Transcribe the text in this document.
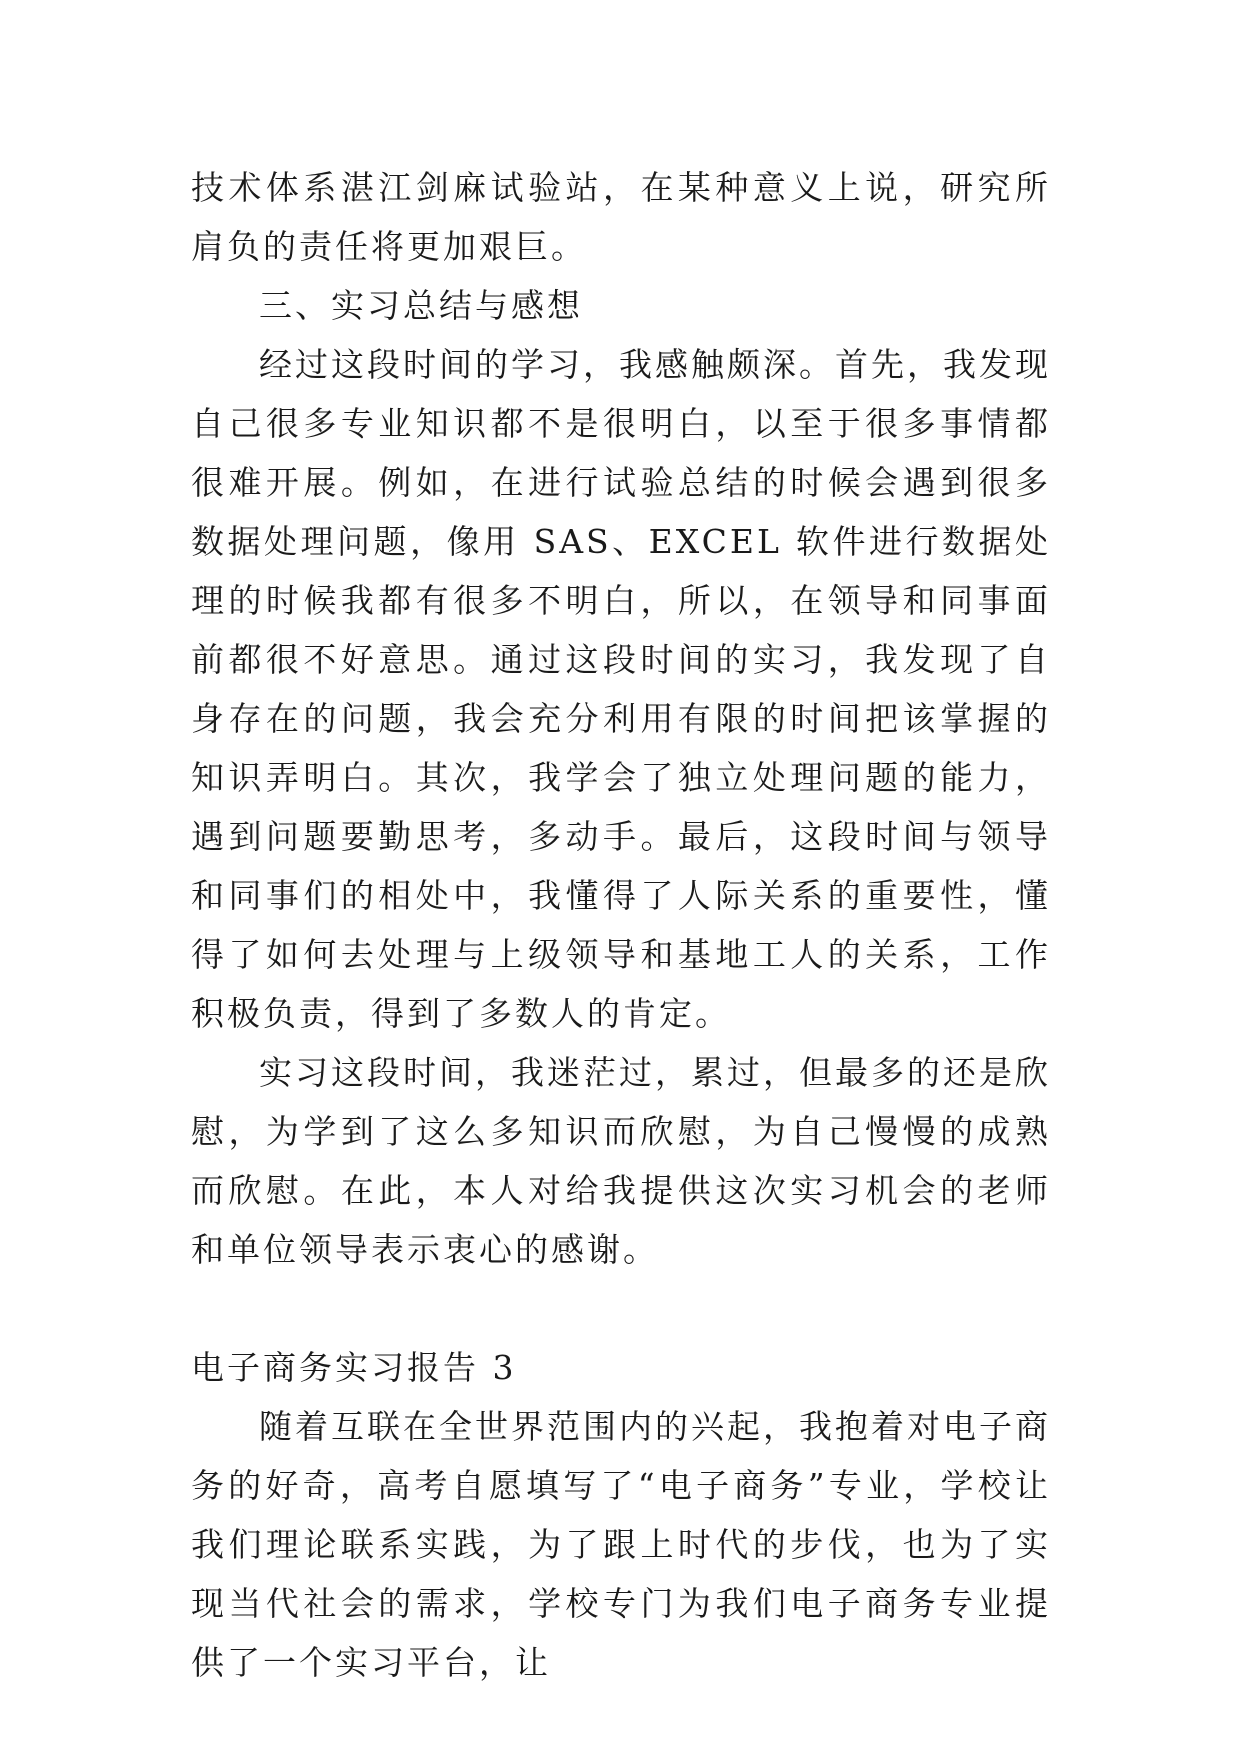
技术体系湛江剑麻试验站，在某种意义上说，研究所肩负的责任将更加艰巨。

三、实习总结与感想

经过这段时间的学习，我感触颇深。首先，我发现自己很多专业知识都不是很明白，以至于很多事情都很难开展。例如，在进行试验总结的时候会遇到很多数据处理问题，像用 SAS、EXCEL 软件进行数据处理的时候我都有很多不明白，所以，在领导和同事面前都很不好意思。通过这段时间的实习，我发现了自身存在的问题，我会充分利用有限的时间把该掌握的知识弄明白。其次，我学会了独立处理问题的能力，遇到问题要勤思考，多动手。最后，这段时间与领导和同事们的相处中，我懂得了人际关系的重要性，懂得了如何去处理与上级领导和基地工人的关系，工作积极负责，得到了多数人的肯定。

实习这段时间，我迷茫过，累过，但最多的还是欣慰，为学到了这么多知识而欣慰，为自己慢慢的成熟而欣慰。在此，本人对给我提供这次实习机会的老师和单位领导表示衷心的感谢。

电子商务实习报告 3

随着互联在全世界范围内的兴起，我抱着对电子商务的好奇，高考自愿填写了“电子商务”专业，学校让我们理论联系实践，为了跟上时代的步伐，也为了实现当代社会的需求，学校专门为我们电子商务专业提供了一个实习平台，让
